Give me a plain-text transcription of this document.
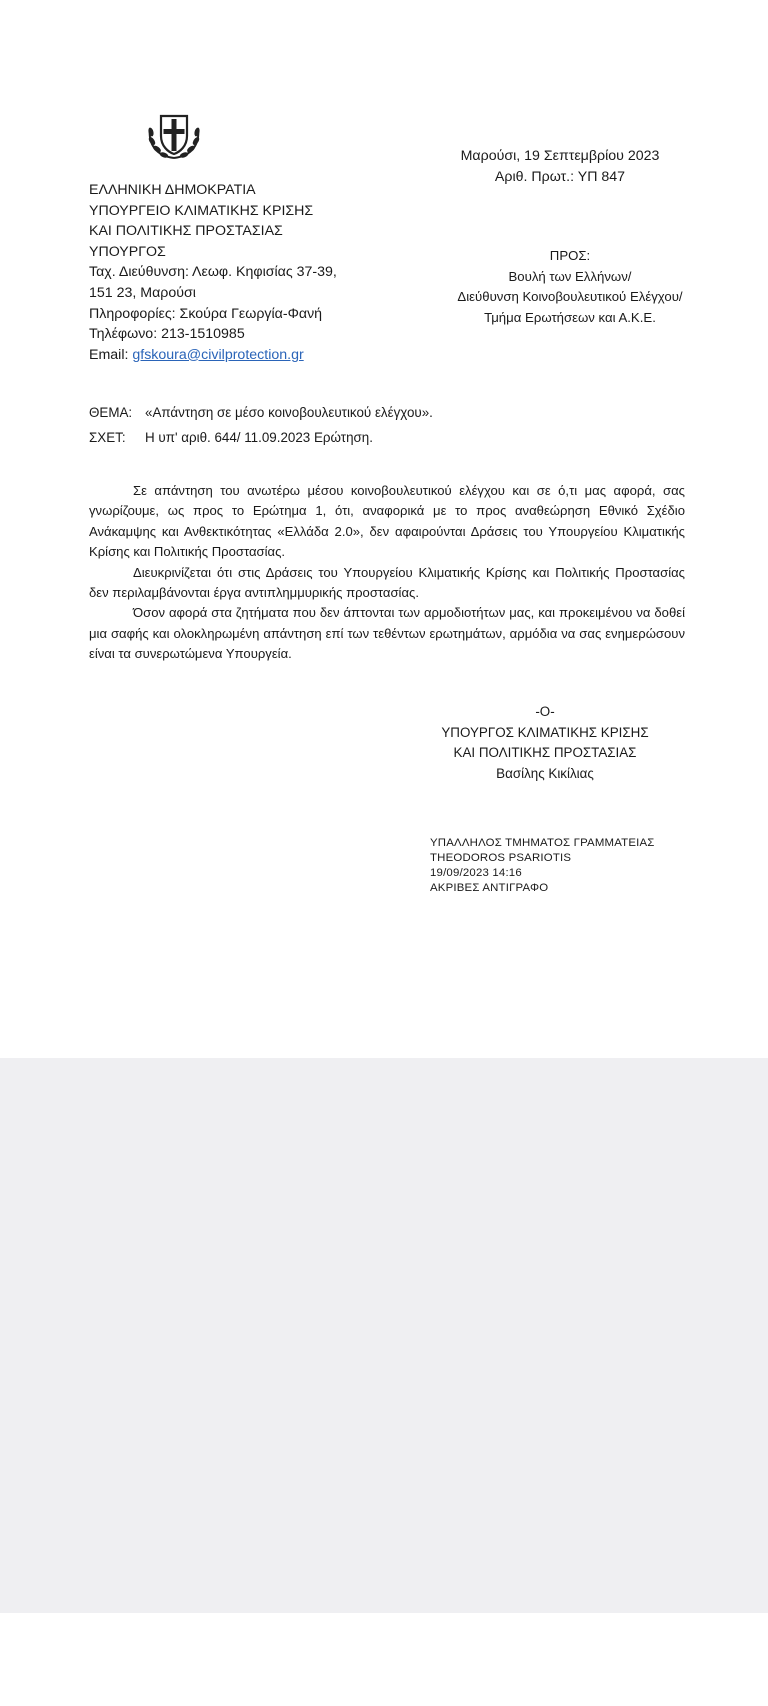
ΕΛΛΗΝΙΚΗ ΔΗΜΟΚΡΑΤΙΑ
ΥΠΟΥΡΓΕΙΟ ΚΛΙΜΑΤΙΚΗΣ ΚΡΙΣΗΣ
ΚΑΙ ΠΟΛΙΤΙΚΗΣ ΠΡΟΣΤΑΣΙΑΣ
ΥΠΟΥΡΓΟΣ
Ταχ. Διεύθυνση: Λεωφ. Κηφισίας 37-39,
151 23, Μαρούσι
Πληροφορίες: Σκούρα Γεωργία-Φανή
Τηλέφωνο: 213-1510985
Email: gfskoura@civilprotection.gr
Μαρούσι, 19 Σεπτεμβρίου 2023
Αριθ. Πρωτ.: ΥΠ 847
ΠΡΟΣ:
Βουλή των Ελλήνων/
Διεύθυνση Κοινοβουλευτικού Ελέγχου/
Τμήμα Ερωτήσεων και Α.Κ.Ε.
ΘΕΜΑ: «Απάντηση σε μέσο κοινοβουλευτικού ελέγχου».
ΣΧΕΤ: Η υπ' αριθ. 644/ 11.09.2023 Ερώτηση.

Σε απάντηση του ανωτέρω μέσου κοινοβουλευτικού ελέγχου και σε ό,τι μας αφορά, σας γνωρίζουμε, ως προς το Ερώτημα 1, ότι, αναφορικά με το προς αναθεώρηση Εθνικό Σχέδιο Ανάκαμψης και Ανθεκτικότητας «Ελλάδα 2.0», δεν αφαιρούνται Δράσεις του Υπουργείου Κλιματικής Κρίσης και Πολιτικής Προστασίας.

Διευκρινίζεται ότι στις Δράσεις του Υπουργείου Κλιματικής Κρίσης και Πολιτικής Προστασίας δεν περιλαμβάνονται έργα αντιπλημμυρικής προστασίας.

Όσον αφορά στα ζητήματα που δεν άπτονται των αρμοδιοτήτων μας, και προκειμένου να δοθεί μια σαφής και ολοκληρωμένη απάντηση επί των τεθέντων ερωτημάτων, αρμόδια να σας ενημερώσουν είναι τα συνερωτώμενα Υπουργεία.

-Ο-
ΥΠΟΥΡΓΟΣ ΚΛΙΜΑΤΙΚΗΣ ΚΡΙΣΗΣ
ΚΑΙ ΠΟΛΙΤΙΚΗΣ ΠΡΟΣΤΑΣΙΑΣ
Βασίλης Κικίλιας
ΥΠΑΛΛΗΛΟΣ ΤΜΗΜΑΤΟΣ ΓΡΑΜΜΑΤΕΙΑΣ
THEODOROS PSARIOTIS
19/09/2023 14:16
ΑΚΡΙΒΕΣ ΑΝΤΙΓΡΑΦΟ
